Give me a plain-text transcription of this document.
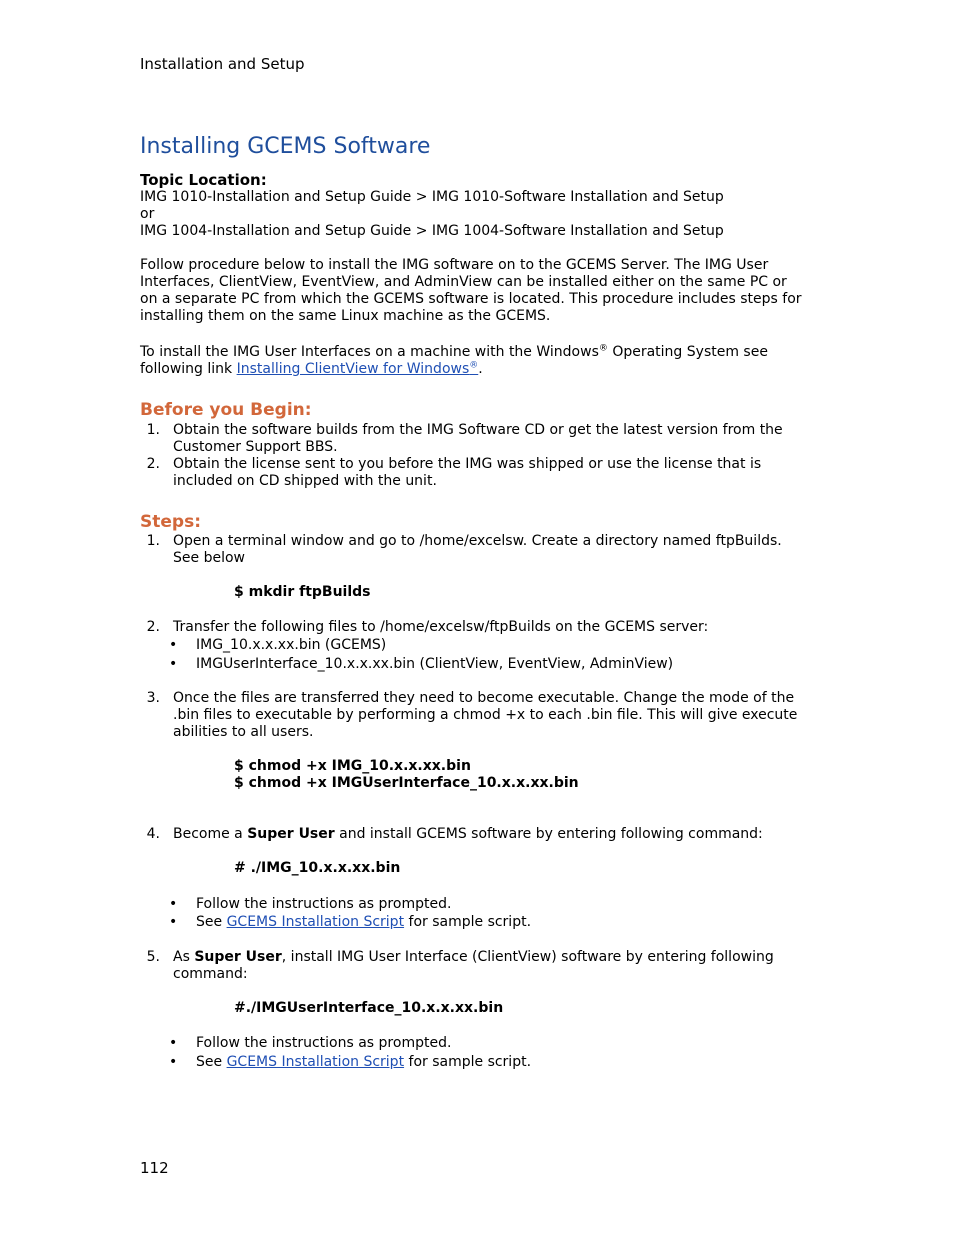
Installation and Setup
Installing GCEMS Software
Topic Location:
IMG 1010-Installation and Setup Guide > IMG 1010-Software Installation and Setup
or
IMG 1004-Installation and Setup Guide > IMG 1004-Software Installation and Setup
Follow procedure below to install the IMG software on to the GCEMS Server. The IMG User
Interfaces, ClientView, EventView, and AdminView can be installed either on the same PC or
on a separate PC from which the GCEMS software is located. This procedure includes steps for
installing them on the same Linux machine as the GCEMS.
To install the IMG User Interfaces on a machine with the Windows® Operating System see
following link Installing ClientView for Windows®.
Before you Begin:
1. Obtain the software builds from the IMG Software CD or get the latest version from the
Customer Support BBS.
2. Obtain the license sent to you before the IMG was shipped or use the license that is
included on CD shipped with the unit.
Steps:
1. Open a terminal window and go to /home/excelsw. Create a directory named ftpBuilds.
See below
$ mkdir ftpBuilds
2. Transfer the following files to /home/excelsw/ftpBuilds on the GCEMS server:
• IMG_10.x.x.xx.bin (GCEMS)
• IMGUserInterface_10.x.x.xx.bin (ClientView, EventView, AdminView)
3. Once the files are transferred they need to become executable. Change the mode of the
.bin files to executable by performing a chmod +x to each .bin file. This will give execute
abilities to all users.
$ chmod +x IMG_10.x.x.xx.bin
$ chmod +x IMGUserInterface_10.x.x.xx.bin
4. Become a Super User and install GCEMS software by entering following command:
# ./IMG_10.x.x.xx.bin
• Follow the instructions as prompted.
• See GCEMS Installation Script for sample script.
5. As Super User, install IMG User Interface (ClientView) software by entering following
command:
#./IMGUserInterface_10.x.x.xx.bin
• Follow the instructions as prompted.
• See GCEMS Installation Script for sample script.
112
